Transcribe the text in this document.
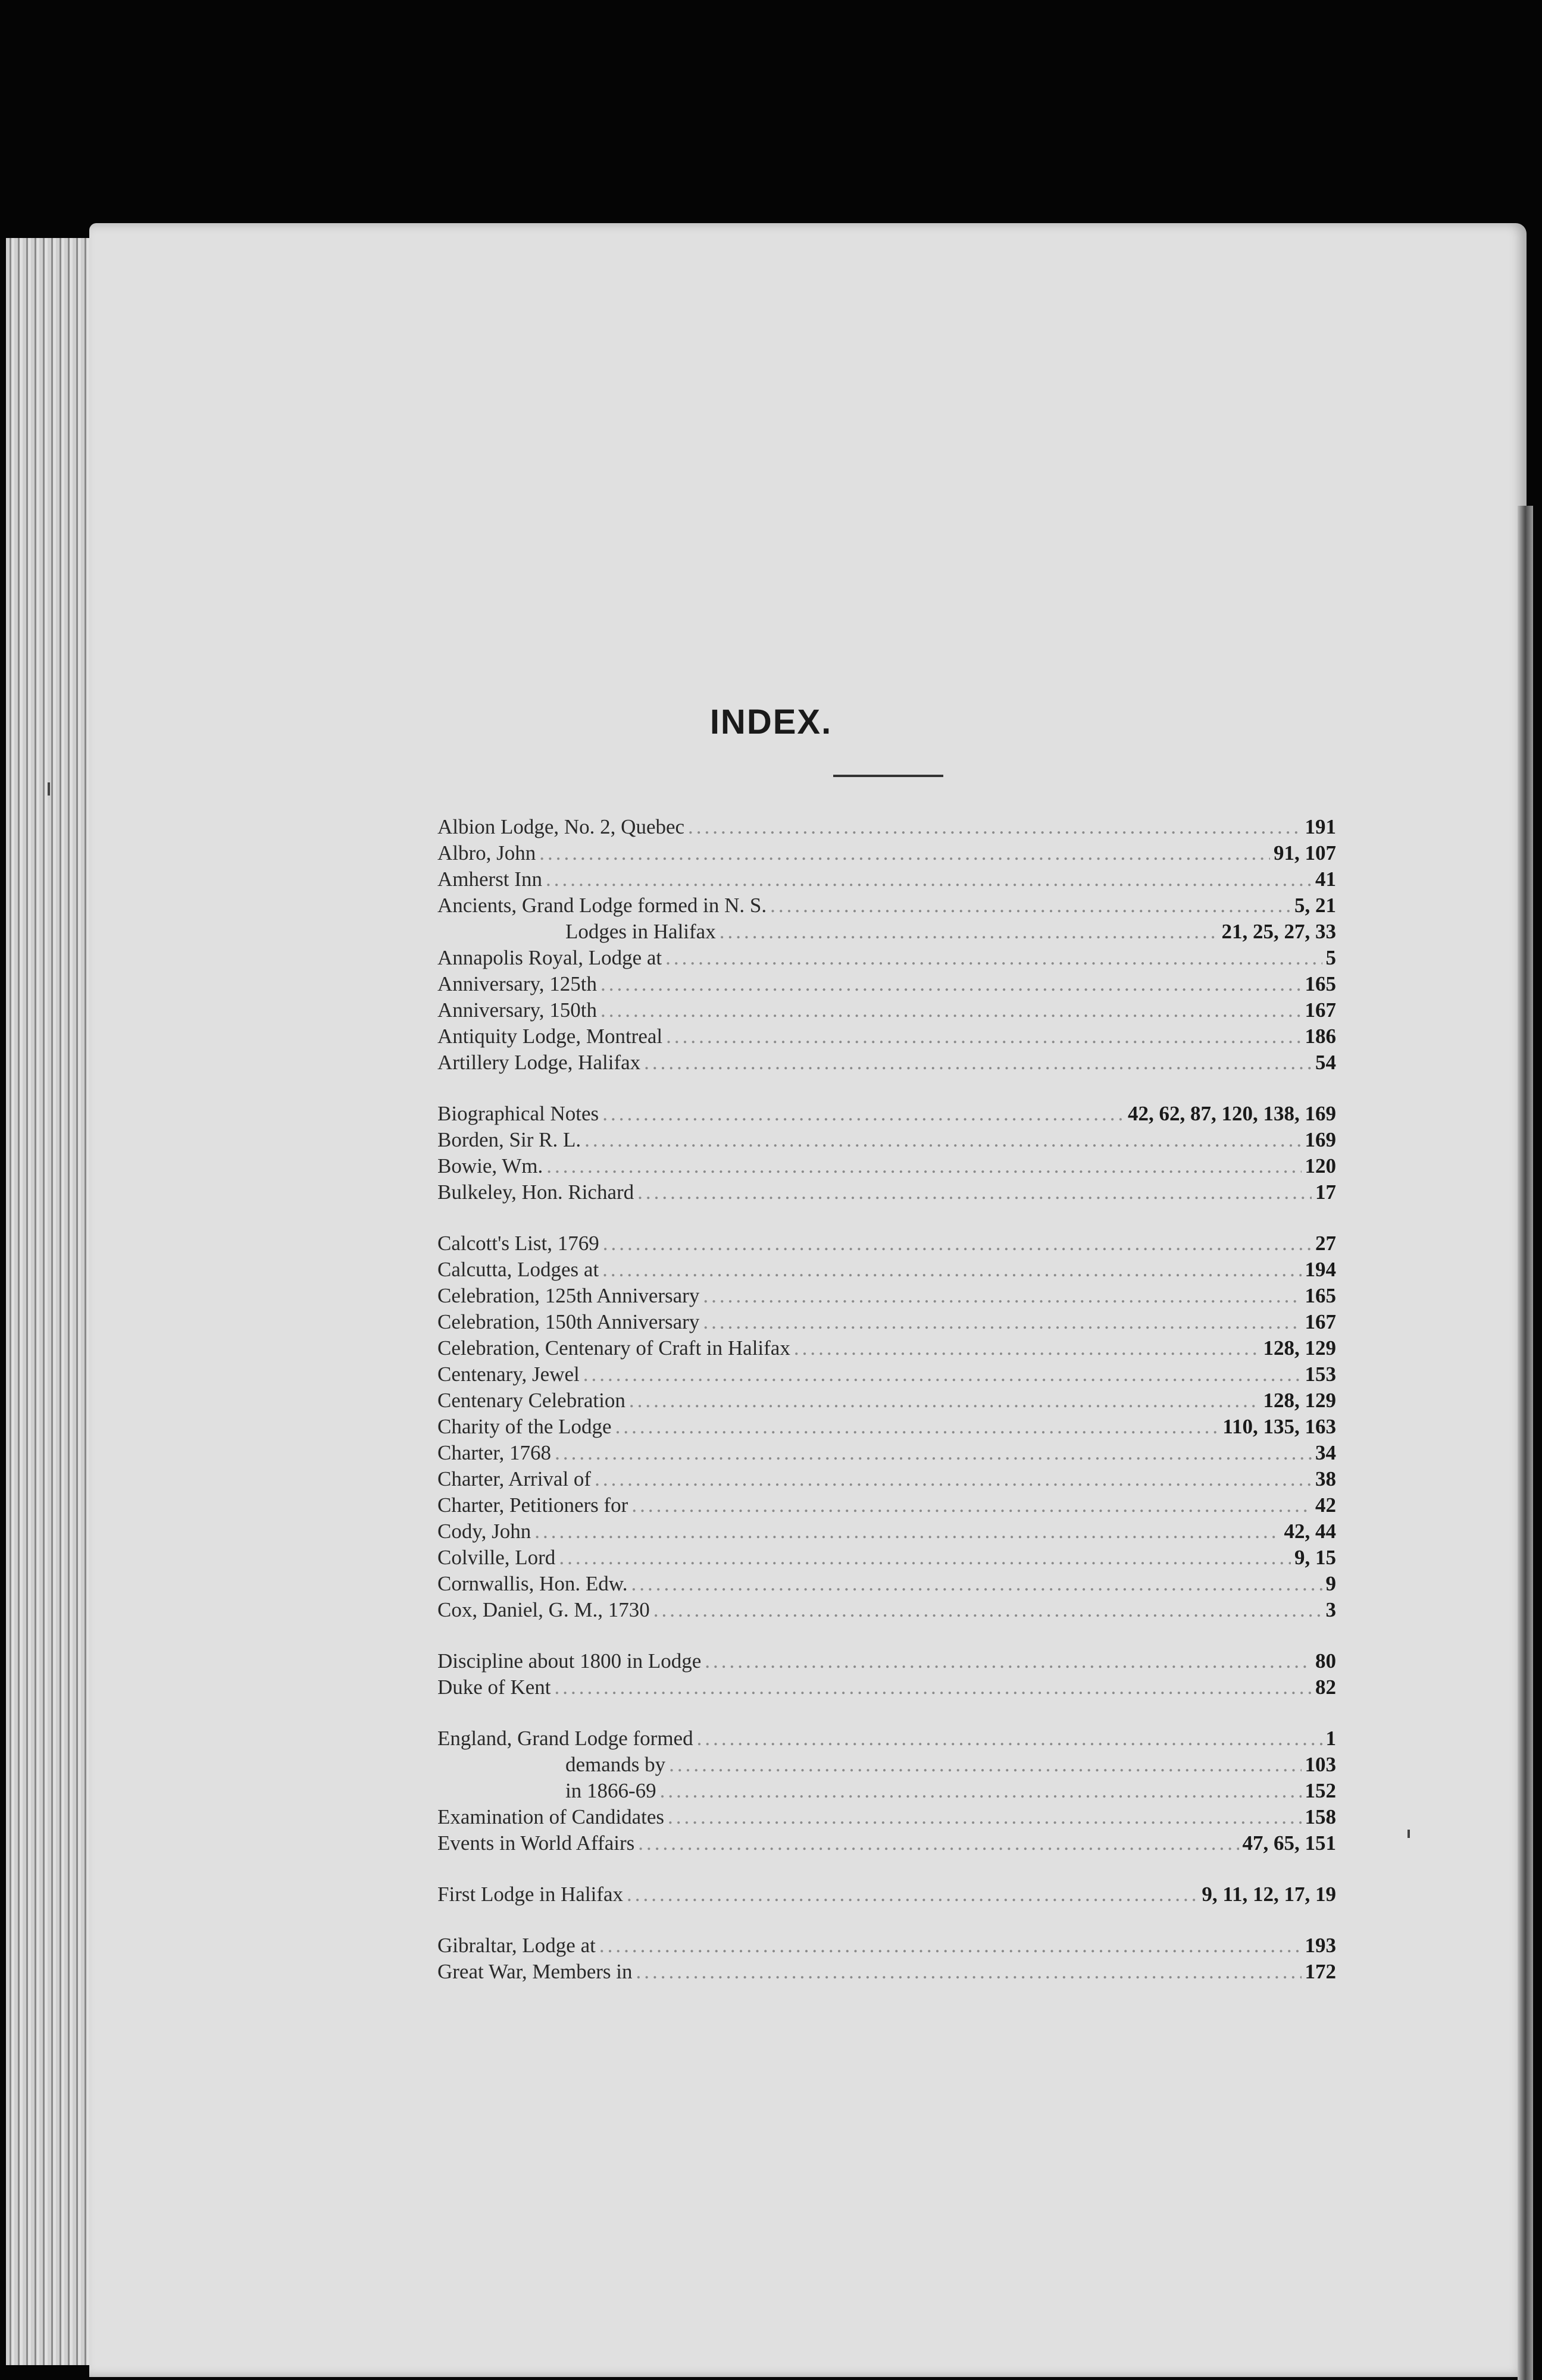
INDEX.
Albion Lodge, No. 2, Quebec .....	191
Albro, John .....	91, 107
Amherst Inn .....	41
Ancients, Grand Lodge formed in N. S. .....	5, 21
Lodges in Halifax .....	21, 25, 27, 33
Annapolis Royal, Lodge at .....	5
Anniversary, 125th .....	165
Anniversary, 150th .....	167
Antiquity Lodge, Montreal .....	186
Artillery Lodge, Halifax .....	54
Biographical Notes .....	42, 62, 87, 120, 138, 169
Borden, Sir R. L. .....	169
Bowie, Wm. .....	120
Bulkeley, Hon. Richard .....	17
Calcott's List, 1769 .....	27
Calcutta, Lodges at .....	194
Celebration, 125th Anniversary .....	165
Celebration, 150th Anniversary .....	167
Celebration, Centenary of Craft in Halifax .....	128, 129
Centenary, Jewel .....	153
Centenary Celebration .....	128, 129
Charity of the Lodge .....	110, 135, 163
Charter, 1768 .....	34
Charter, Arrival of .....	38
Charter, Petitioners for .....	42
Cody, John .....	42, 44
Colville, Lord .....	9, 15
Cornwallis, Hon. Edw. .....	9
Cox, Daniel, G. M., 1730 .....	3
Discipline about 1800 in Lodge .....	80
Duke of Kent .....	82
England, Grand Lodge formed .....	1
demands by .....	103
in 1866-69 .....	152
Examination of Candidates .....	158
Events in World Affairs .....	47, 65, 151
First Lodge in Halifax .....	9, 11, 12, 17, 19
Gibraltar, Lodge at .....	193
Great War, Members in .....	172
